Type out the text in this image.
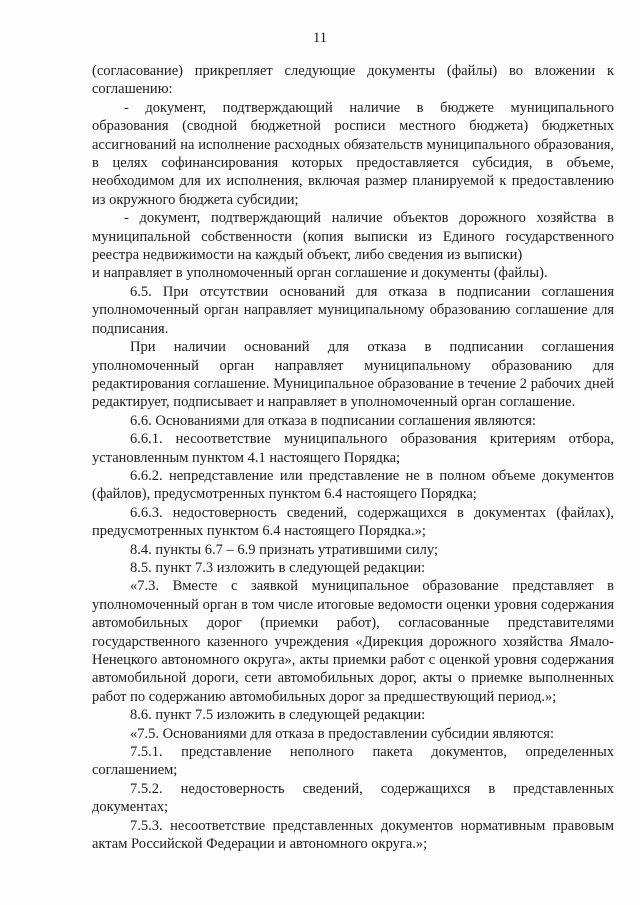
11

(согласование) прикрепляет следующие документы (файлы) во вложении к соглашению:

- документ, подтверждающий наличие в бюджете муниципального образования (сводной бюджетной росписи местного бюджета) бюджетных ассигнований на исполнение расходных обязательств муниципального образования, в целях софинансирования которых предоставляется субсидия, в объеме, необходимом для их исполнения, включая размер планируемой к предоставлению из окружного бюджета субсидии;

- документ, подтверждающий наличие объектов дорожного хозяйства в муниципальной собственности (копия выписки из Единого государственного реестра недвижимости на каждый объект, либо сведения из выписки)

и направляет в уполномоченный орган соглашение и документы (файлы).

6.5. При отсутствии оснований для отказа в подписании соглашения уполномоченный орган направляет муниципальному образованию соглашение для подписания.

При наличии оснований для отказа в подписании соглашения уполномоченный орган направляет муниципальному образованию для редактирования соглашение. Муниципальное образование в течение 2 рабочих дней редактирует, подписывает и направляет в уполномоченный орган соглашение.

6.6. Основаниями для отказа в подписании соглашения являются:

6.6.1. несоответствие муниципального образования критериям отбора, установленным пунктом 4.1 настоящего Порядка;

6.6.2. непредставление или представление не в полном объеме документов (файлов), предусмотренных пунктом 6.4 настоящего Порядка;

6.6.3. недостоверность сведений, содержащихся в документах (файлах), предусмотренных пунктом 6.4 настоящего Порядка.»;

8.4. пункты 6.7 – 6.9 признать утратившими силу;

8.5. пункт 7.3 изложить в следующей редакции:

«7.3. Вместе с заявкой муниципальное образование представляет в уполномоченный орган в том числе итоговые ведомости оценки уровня содержания автомобильных дорог (приемки работ), согласованные представителями государственного казенного учреждения «Дирекция дорожного хозяйства Ямало-Ненецкого автономного округа», акты приемки работ с оценкой уровня содержания автомобильной дороги, сети автомобильных дорог, акты о приемке выполненных работ по содержанию автомобильных дорог за предшествующий период.»;

8.6. пункт 7.5 изложить в следующей редакции:

«7.5. Основаниями для отказа в предоставлении субсидии являются:

7.5.1. представление неполного пакета документов, определенных соглашением;

7.5.2. недостоверность сведений, содержащихся в представленных документах;

7.5.3. несоответствие представленных документов нормативным правовым актам Российской Федерации и автономного округа.»;
